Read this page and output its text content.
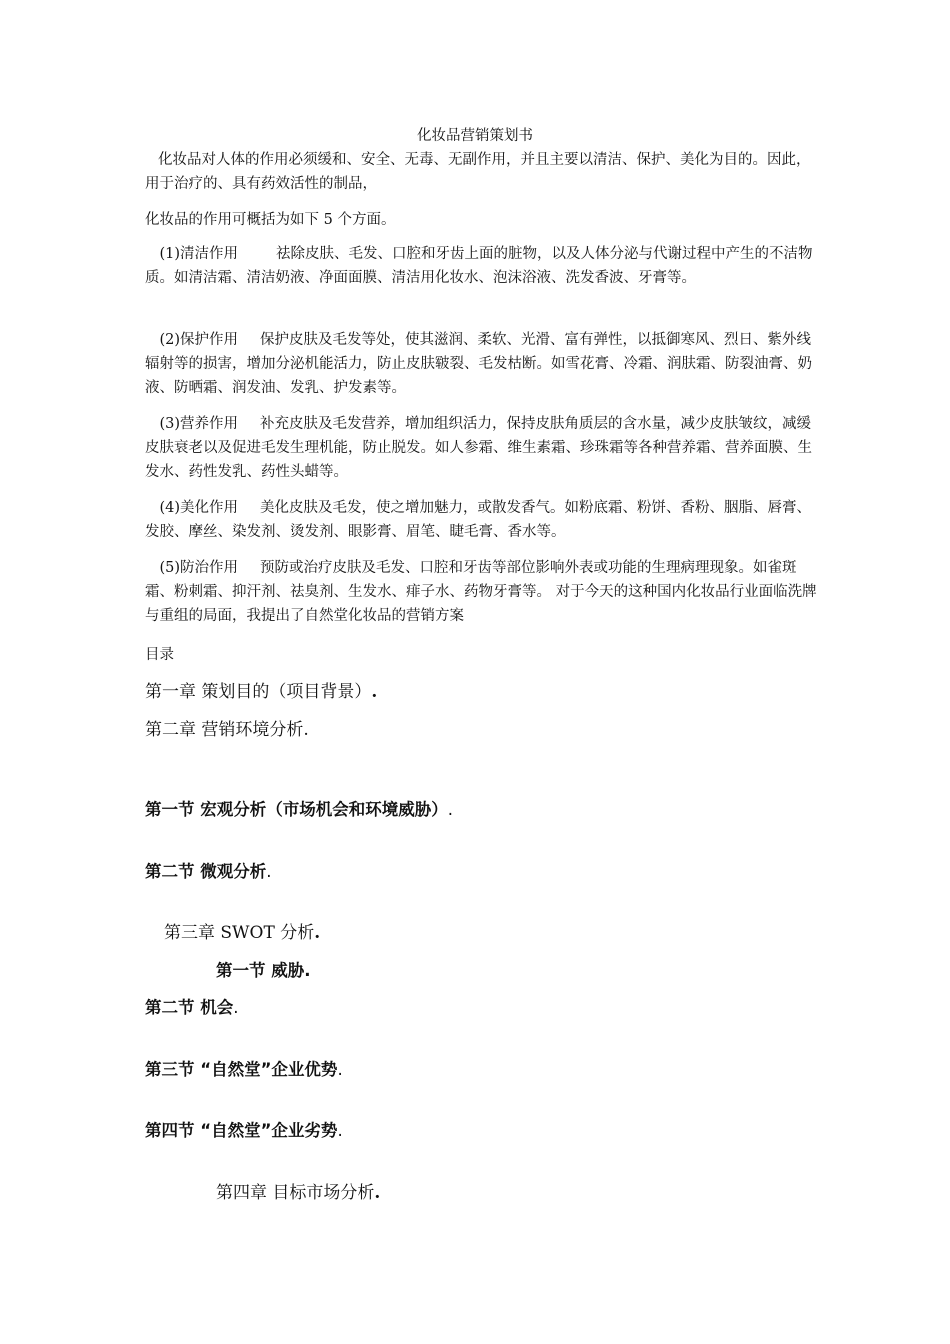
化妆品营销策划书

化妆品对人体的作用必须缓和、安全、无毒、无副作用，并且主要以清洁、保护、美化为目的。因此，用于治疗的、具有药效活性的制品，

化妆品的作用可概括为如下 5 个方面。

(1)清洁作用	祛除皮肤、毛发、口腔和牙齿上面的脏物，以及人体分泌与代谢过程中产生的不洁物质。如清洁霜、清洁奶液、净面面膜、清洁用化妆水、泡沫浴液、洗发香波、牙膏等。

(2)保护作用 保护皮肤及毛发等处，使其滋润、柔软、光滑、富有弹性，以抵御寒风、烈日、紫外线辐射等的损害，增加分泌机能活力，防止皮肤皲裂、毛发枯断。如雪花膏、冷霜、润肤霜、防裂油膏、奶液、防晒霜、润发油、发乳、护发素等。

(3)营养作用 补充皮肤及毛发营养，增加组织活力，保持皮肤角质层的含水量，减少皮肤皱纹，减缓皮肤衰老以及促进毛发生理机能，防止脱发。如人参霜、维生素霜、珍珠霜等各种营养霜、营养面膜、生发水、药性发乳、药性头蜡等。

(4)美化作用 美化皮肤及毛发，使之增加魅力，或散发香气。如粉底霜、粉饼、香粉、胭脂、唇膏、发胶、摩丝、染发剂、烫发剂、眼影膏、眉笔、睫毛膏、香水等。

(5)防治作用 预防或治疗皮肤及毛发、口腔和牙齿等部位影响外表或功能的生理病理现象。如雀斑霜、粉刺霜、抑汗剂、祛臭剂、生发水、痱子水、药物牙膏等。 对于今天的这种国内化妆品行业面临洗牌与重组的局面，我提出了自然堂化妆品的营销方案

目录

第一章 策划目的（项目背景）.

第二章 营销环境分析.

第一节 宏观分析（市场机会和环境威胁）.

第二节 微观分析.

第三章 SWOT 分析.

第一节 威胁.

第二节 机会.

第三节 “自然堂”企业优势.

第四节 “自然堂”企业劣势.

第四章 目标市场分析.
